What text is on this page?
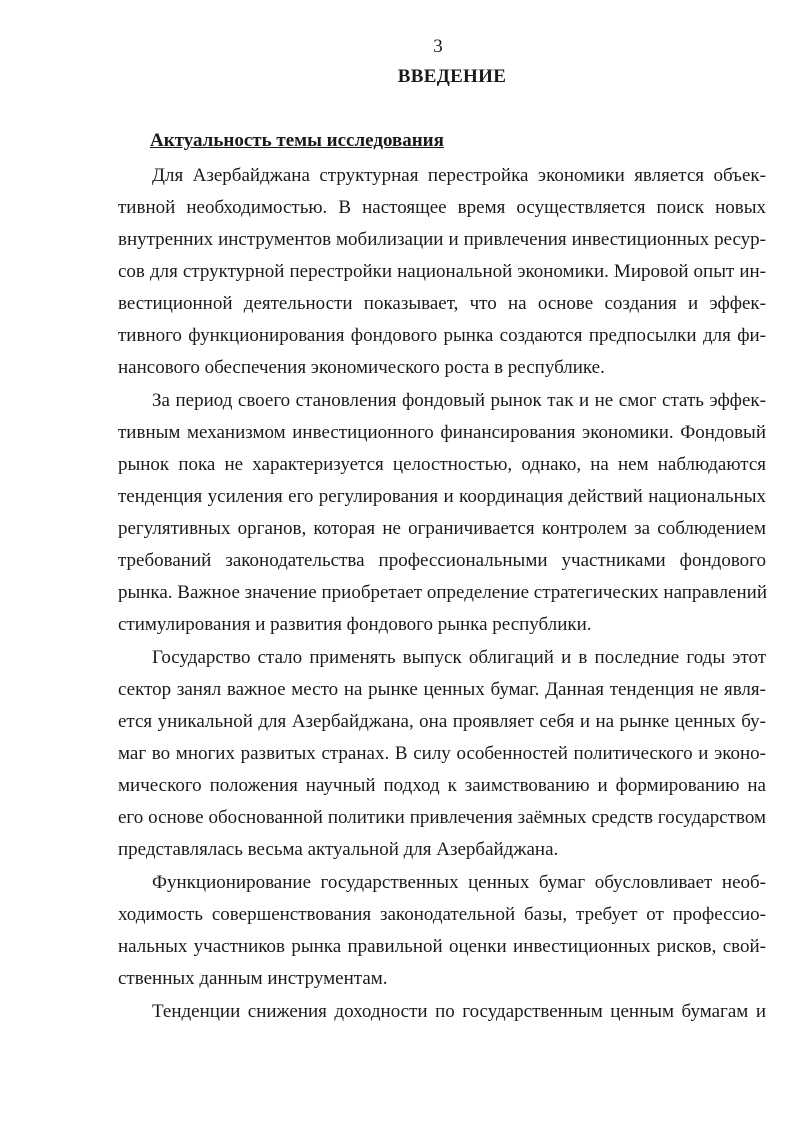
3
ВВЕДЕНИЕ
Актуальность темы исследования
Для Азербайджана структурная перестройка экономики является объек-
тивной необходимостью. В настоящее время осуществляется поиск новых
внутренних инструментов мобилизации и привлечения инвестиционных ресур-
сов для структурной перестройки национальной экономики. Мировой опыт ин-
вестиционной деятельности показывает, что на основе создания и эффек-
тивного функционирования фондового рынка создаются предпосылки для фи-
нансового обеспечения экономического роста в республике.
За период своего становления фондовый рынок так и не смог стать эффек-
тивным механизмом инвестиционного финансирования экономики. Фондовый
рынок пока не характеризуется целостностью, однако, на нем наблюдаются
тенденция усиления его регулирования и координация действий национальных
регулятивных органов, которая не ограничивается контролем за соблюдением
требований законодательства профессиональными участниками фондового
рынка. Важное значение приобретает определение стратегических направлений
стимулирования и развития фондового рынка республики.
Государство стало применять выпуск облигаций и в последние годы этот
сектор занял важное место на рынке ценных бумаг. Данная тенденция не явля-
ется уникальной для Азербайджана, она проявляет себя и на рынке ценных бу-
маг во многих развитых странах. В силу особенностей политического и эконо-
мического положения научный подход к заимствованию и формированию на
его основе обоснованной политики привлечения заёмных средств государством
представлялась весьма актуальной для Азербайджана.
Функционирование государственных ценных бумаг обусловливает необ-
ходимость совершенствования законодательной базы, требует от профессио-
нальных участников рынка правильной оценки инвестиционных рисков, свой-
ственных данным инструментам.
Тенденции снижения доходности по государственным ценным бумагам и
